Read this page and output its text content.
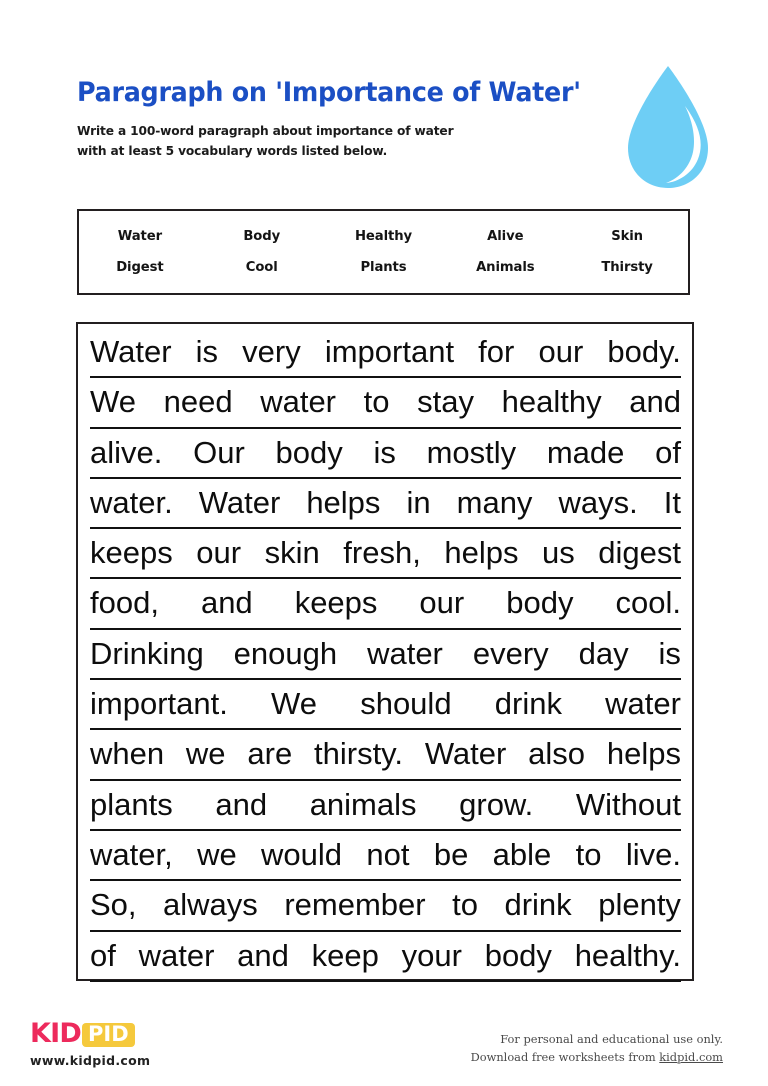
Paragraph on 'Importance of Water'
Write a 100-word paragraph about importance of water
with at least 5 vocabulary words listed below.
Water	Body	Healthy	Alive	Skin
Digest	Cool	Plants	Animals	Thirsty
Water is very important for our body.
We need water to stay healthy and
alive. Our body is mostly made of
water. Water helps in many ways. It
keeps our skin fresh, helps us digest
food, and keeps our body cool.
Drinking enough water every day is
important. We should drink water
when we are thirsty. Water also helps
plants and animals grow. Without
water, we would not be able to live.
So, always remember to drink plenty
of water and keep your body healthy.
KID PID
www.kidpid.com
For personal and educational use only.
Download free worksheets from kidpid.com
